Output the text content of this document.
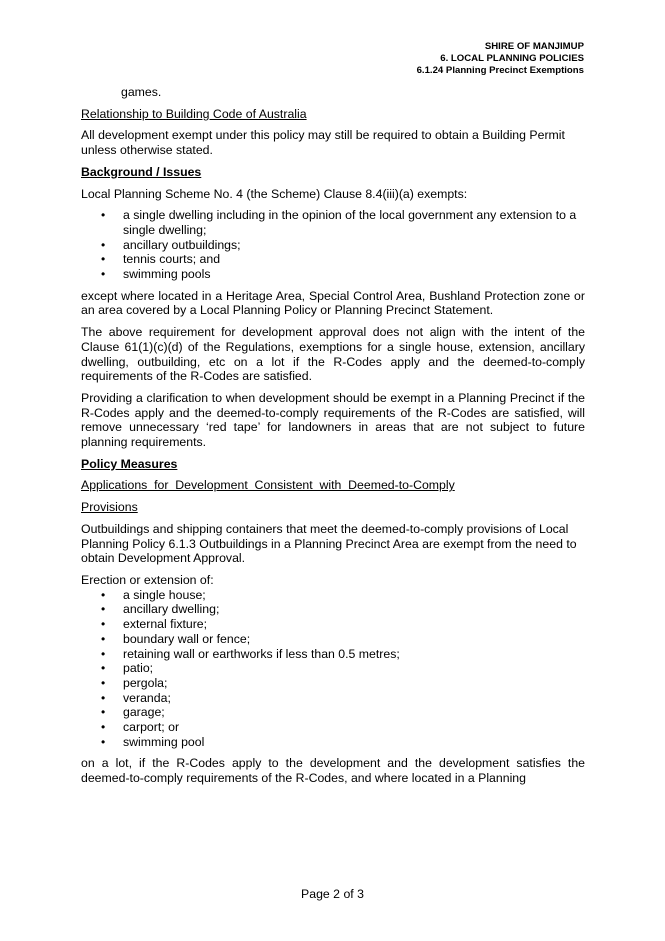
SHIRE OF MANJIMUP
6. LOCAL PLANNING POLICIES
6.1.24 Planning Precinct Exemptions

games.

Relationship to Building Code of Australia

All development exempt under this policy may still be required to obtain a Building Permit unless otherwise stated.

Background / Issues

Local Planning Scheme No. 4 (the Scheme) Clause 8.4(iii)(a) exempts:

• a single dwelling including in the opinion of the local government any extension to a single dwelling;
• ancillary outbuildings;
• tennis courts; and
• swimming pools

except where located in a Heritage Area, Special Control Area, Bushland Protection zone or an area covered by a Local Planning Policy or Planning Precinct Statement.

The above requirement for development approval does not align with the intent of the Clause 61(1)(c)(d) of the Regulations, exemptions for a single house, extension, ancillary dwelling, outbuilding, etc on a lot if the R-Codes apply and the deemed-to-comply requirements of the R-Codes are satisfied.

Providing a clarification to when development should be exempt in a Planning Precinct if the R-Codes apply and the deemed-to-comply requirements of the R-Codes are satisfied, will remove unnecessary ‘red tape’ for landowners in areas that are not subject to future planning requirements.

Policy Measures

Applications for Development Consistent with Deemed-to-Comply

Provisions

Outbuildings and shipping containers that meet the deemed-to-comply provisions of Local Planning Policy 6.1.3 Outbuildings in a Planning Precinct Area are exempt from the need to obtain Development Approval.

Erection or extension of:

• a single house;
• ancillary dwelling;
• external fixture;
• boundary wall or fence;
• retaining wall or earthworks if less than 0.5 metres;
• patio;
• pergola;
• veranda;
• garage;
• carport; or
• swimming pool

on a lot, if the R-Codes apply to the development and the development satisfies the deemed-to-comply requirements of the R-Codes, and where located in a Planning

Page 2 of 3
